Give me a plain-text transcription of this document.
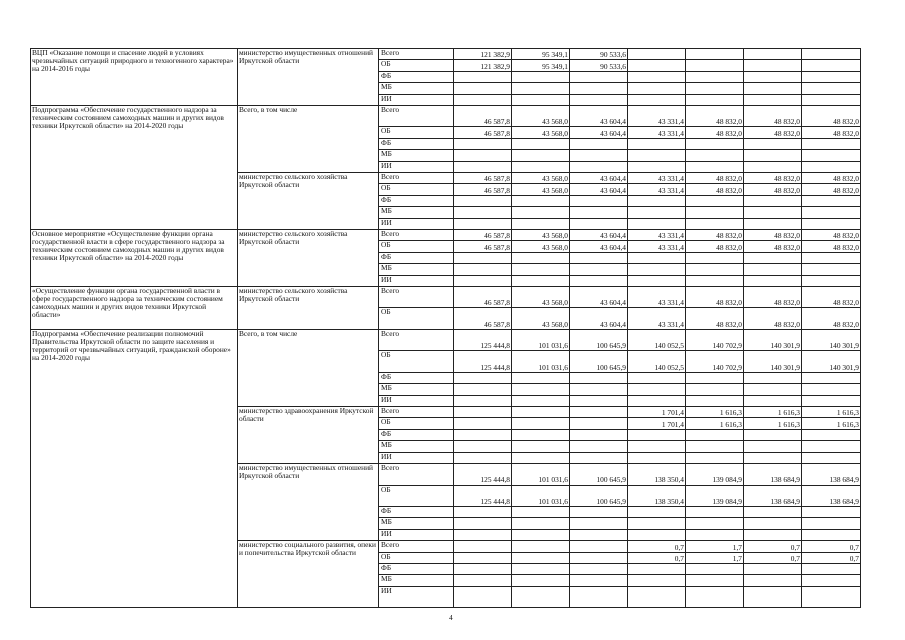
ВЦП «Оказание помощи и спасение людей в условиях чрезвычайных ситуаций природного и техногенного характера» на 2014-2016 годы	министерство имущественных отношений Иркутской области	Всего	121 382,9	95 349,1	90 533,6				
		ОБ	121 382,9	95 349,1	90 533,6				
		ФБ							
		МБ							
		ИИ							
Подпрограмма «Обеспечение государственного надзора за техническим состоянием самоходных машин и других видов техники Иркутской области» на 2014-2020 годы	Всего, в том числе	Всего	46 587,8	43 568,0	43 604,4	43 331,4	48 832,0	48 832,0	48 832,0
		ОБ	46 587,8	43 568,0	43 604,4	43 331,4	48 832,0	48 832,0	48 832,0
		ФБ							
		МБ							
		ИИ							
	министерство сельского хозяйства Иркутской области	Всего	46 587,8	43 568,0	43 604,4	43 331,4	48 832,0	48 832,0	48 832,0
		ОБ	46 587,8	43 568,0	43 604,4	43 331,4	48 832,0	48 832,0	48 832,0
		ФБ							
		МБ							
		ИИ							
Основное мероприятие «Осуществление функции органа государственной власти в сфере государственного надзора за техническим состоянием самоходных машин и других видов техники Иркутской области» на 2014-2020 годы	министерство сельского хозяйства Иркутской области	Всего	46 587,8	43 568,0	43 604,4	43 331,4	48 832,0	48 832,0	48 832,0
		ОБ	46 587,8	43 568,0	43 604,4	43 331,4	48 832,0	48 832,0	48 832,0
		ФБ							
		МБ							
		ИИ							
«Осуществление функции органа государственной власти в сфере государственного надзора за техническим состоянием самоходных машин и других видов техники Иркутской области»	министерство сельского хозяйства Иркутской области	Всего	46 587,8	43 568,0	43 604,4	43 331,4	48 832,0	48 832,0	48 832,0
		ОБ	46 587,8	43 568,0	43 604,4	43 331,4	48 832,0	48 832,0	48 832,0
Подпрограмма «Обеспечение реализации полномочий Правительства Иркутской области по защите населения и территорий от чрезвычайных ситуаций, гражданской обороне» на 2014-2020 годы	Всего, в том числе	Всего	125 444,8	101 031,6	100 645,9	140 052,5	140 702,9	140 301,9	140 301,9
		ОБ	125 444,8	101 031,6	100 645,9	140 052,5	140 702,9	140 301,9	140 301,9
		ФБ							
		МБ							
		ИИ							
	министерство здравоохранения Иркутской области	Всего				1 701,4	1 616,3	1 616,3	1 616,3
		ОБ				1 701,4	1 616,3	1 616,3	1 616,3
		ФБ							
		МБ							
		ИИ							
	министерство имущественных отношений Иркутской области	Всего	125 444,8	101 031,6	100 645,9	138 350,4	139 084,9	138 684,9	138 684,9
		ОБ	125 444,8	101 031,6	100 645,9	138 350,4	139 084,9	138 684,9	138 684,9
		ФБ							
		МБ							
		ИИ							
	министерство социального развития, опеки и попечительства Иркутской области	Всего				0,7	1,7	0,7	0,7
		ОБ				0,7	1,7	0,7	0,7
		ФБ							
		МБ							
		ИИ							
4
